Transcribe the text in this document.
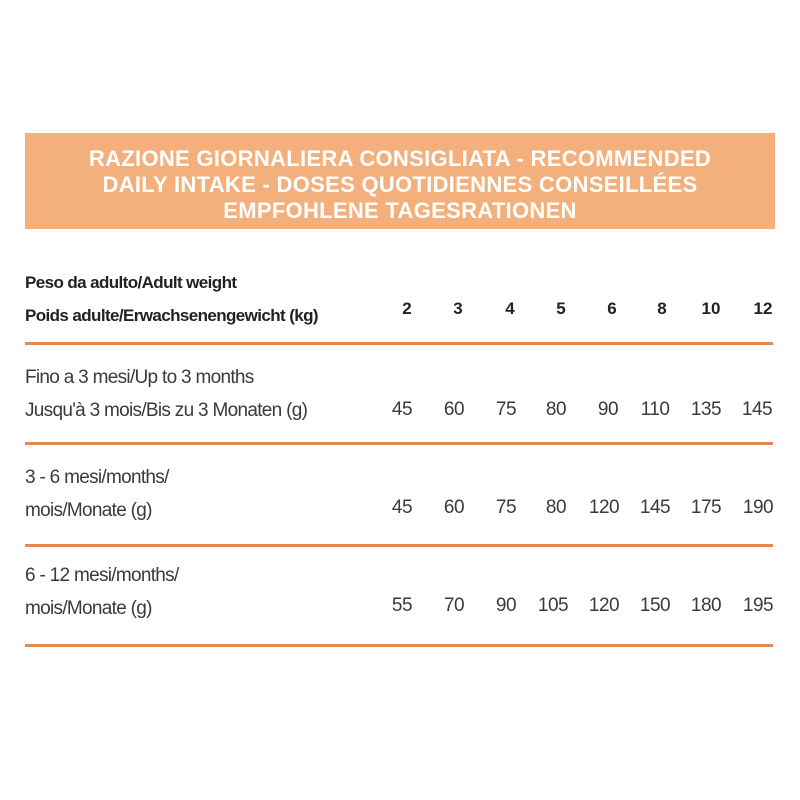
RAZIONE GIORNALIERA CONSIGLIATA - RECOMMENDED
DAILY INTAKE - DOSES QUOTIDIENNES CONSEILLÉES
EMPFOHLENE TAGESRATIONEN
Peso da adulto/Adult weight
Poids adulte/Erwachsenengewicht (kg)	2	3	4	5	6	8	10	12
Fino a 3 mesi/Up to 3 months
Jusqu'à 3 mois/Bis zu 3 Monaten (g)	45	60	75	80	90	110	135	145
3 - 6 mesi/months/
mois/Monate (g)	45	60	75	80	120	145	175	190
6 - 12 mesi/months/
mois/Monate (g)	55	70	90	105	120	150	180	195
